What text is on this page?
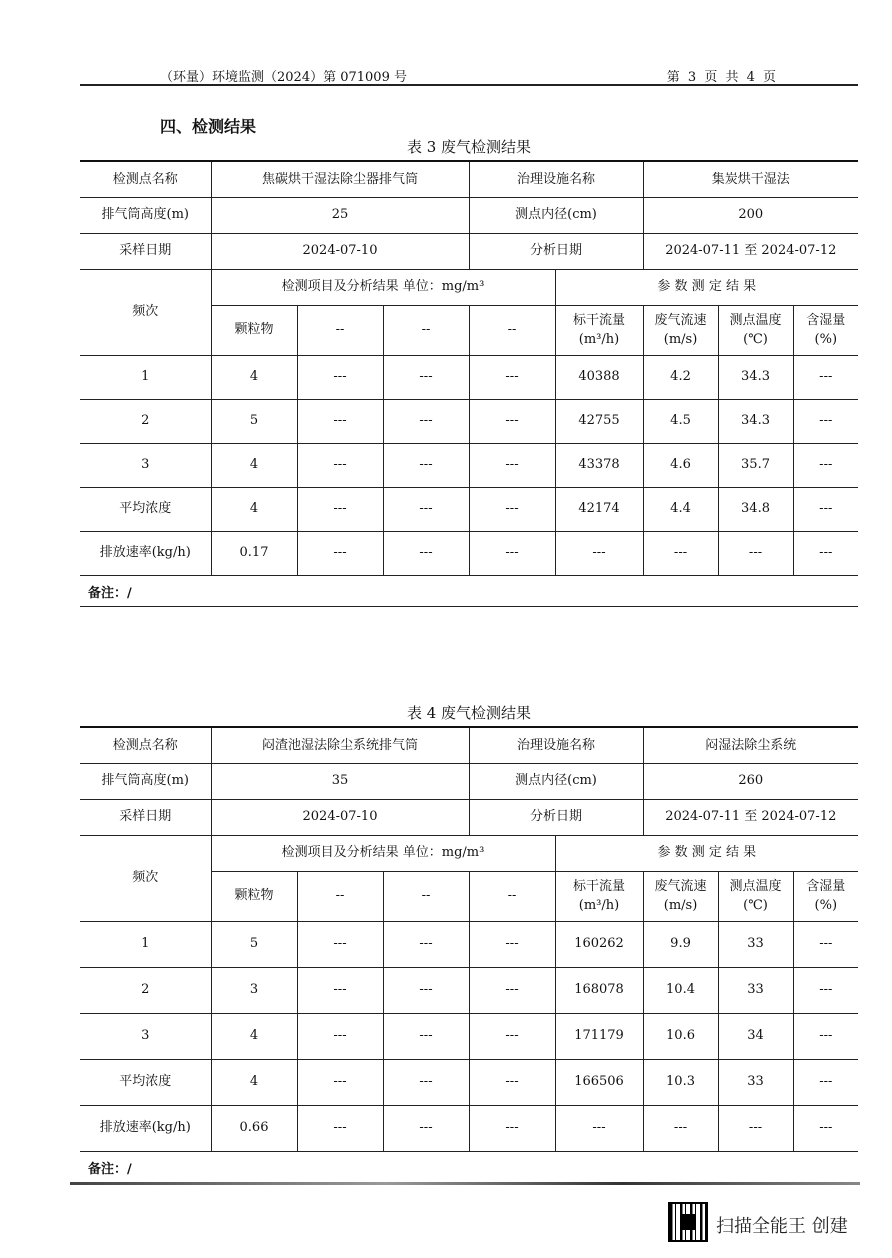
（环量）环境监测（2024）第 071009 号	第 3 页 共 4 页
四、检测结果
表 3 废气检测结果
检测点名称	焦碳烘干湿法除尘器排气筒			治理设施名称		集炭烘干湿法		
排气筒高度(m)	25			测点内径(cm)		200		
采样日期	2024-07-10			分析日期		2024-07-11 至 2024-07-12		
频次	检测项目及分析结果 单位：mg/m³				参 数 测 定 结 果			
	颗粒物	--	--	--	标干流量(m³/h)	废气流速(m/s)	测点温度(℃)	含湿量(%)
1	4	---	---	---	40388	4.2	34.3	---
2	5	---	---	---	42755	4.5	34.3	---
3	4	---	---	---	43378	4.6	35.7	---
平均浓度	4	---	---	---	42174	4.4	34.8	---
排放速率(kg/h)	0.17	---	---	---	---	---	---	---
备注：/
表 4 废气检测结果
检测点名称	闷渣池湿法除尘系统排气筒			治理设施名称		闷湿法除尘系统		
排气筒高度(m)	35			测点内径(cm)		260		
采样日期	2024-07-10			分析日期		2024-07-11 至 2024-07-12		
频次	检测项目及分析结果 单位：mg/m³				参 数 测 定 结 果			
	颗粒物	--	--	--	标干流量(m³/h)	废气流速(m/s)	测点温度(℃)	含湿量(%)
1	5	---	---	---	160262	9.9	33	---
2	3	---	---	---	168078	10.4	33	---
3	4	---	---	---	171179	10.6	34	---
平均浓度	4	---	---	---	166506	10.3	33	---
排放速率(kg/h)	0.66	---	---	---	---	---	---	---
备注：/
扫描全能王 创建
